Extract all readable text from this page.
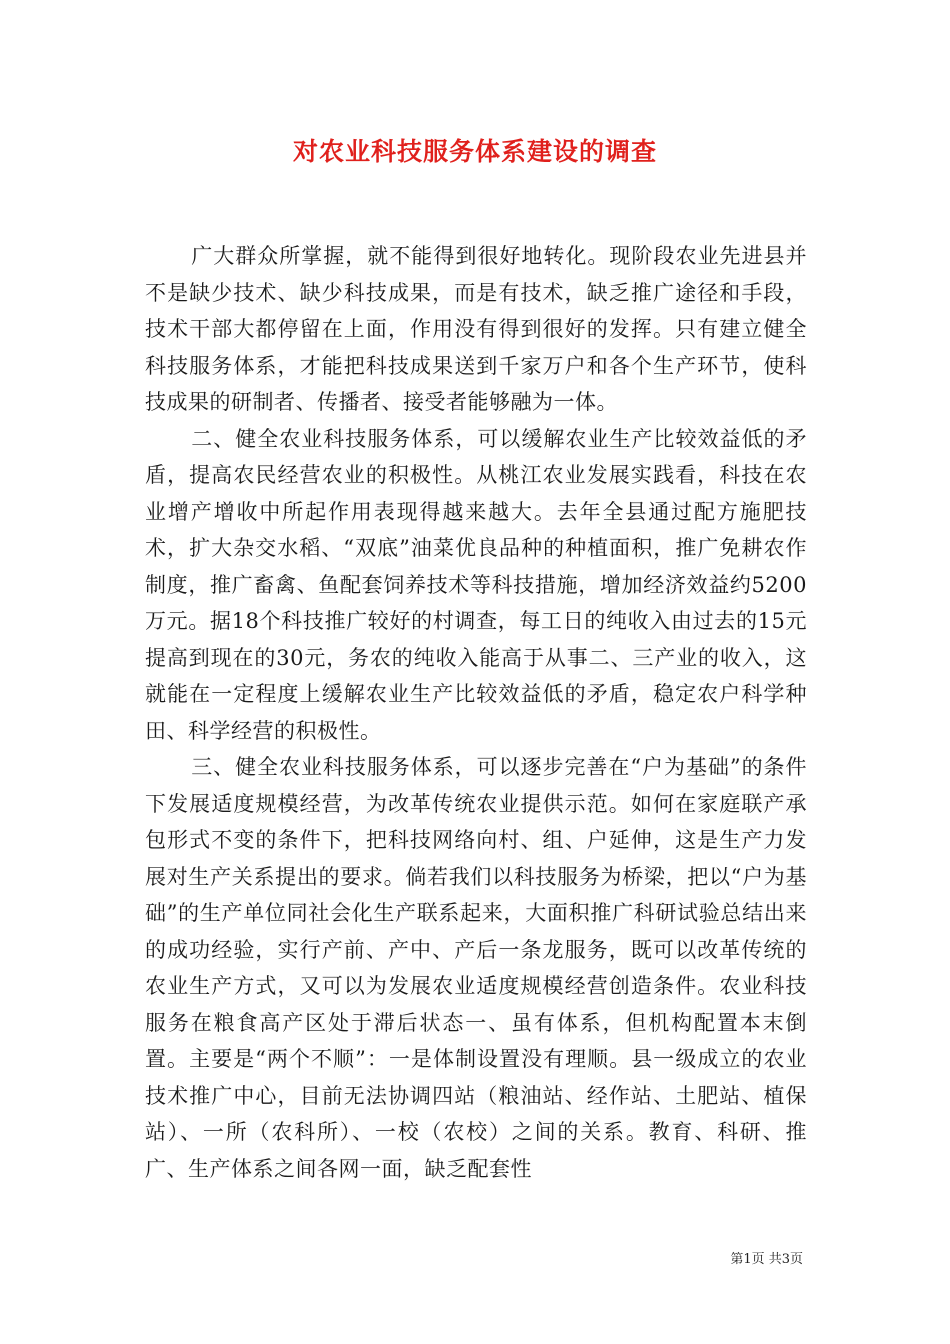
对农业科技服务体系建设的调查

广大群众所掌握，就不能得到很好地转化。现阶段农业先进县并不是缺少技术、缺少科技成果，而是有技术，缺乏推广途径和手段，技术干部大都停留在上面，作用没有得到很好的发挥。只有建立健全科技服务体系，才能把科技成果送到千家万户和各个生产环节，使科技成果的研制者、传播者、接受者能够融为一体。

二、健全农业科技服务体系，可以缓解农业生产比较效益低的矛盾，提高农民经营农业的积极性。从桃江农业发展实践看，科技在农业增产增收中所起作用表现得越来越大。去年全县通过配方施肥技术，扩大杂交水稻、“双底”油菜优良品种的种植面积，推广免耕农作制度，推广畜禽、鱼配套饲养技术等科技措施，增加经济效益约5200万元。据18个科技推广较好的村调查，每工日的纯收入由过去的15元提高到现在的30元，务农的纯收入能高于从事二、三产业的收入，这就能在一定程度上缓解农业生产比较效益低的矛盾，稳定农户科学种田、科学经营的积极性。

三、健全农业科技服务体系，可以逐步完善在“户为基础”的条件下发展适度规模经营，为改革传统农业提供示范。如何在家庭联产承包形式不变的条件下，把科技网络向村、组、户延伸，这是生产力发展对生产关系提出的要求。倘若我们以科技服务为桥梁，把以“户为基础”的生产单位同社会化生产联系起来，大面积推广科研试验总结出来的成功经验，实行产前、产中、产后一条龙服务，既可以改革传统的农业生产方式，又可以为发展农业适度规模经营创造条件。农业科技服务在粮食高产区处于滞后状态一、虽有体系，但机构配置本末倒置。主要是“两个不顺”：一是体制设置没有理顺。县一级成立的农业技术推广中心，目前无法协调四站（粮油站、经作站、土肥站、植保站）、一所（农科所）、一校（农校）之间的关系。教育、科研、推广、生产体系之间各网一面，缺乏配套性

第1页 共3页
